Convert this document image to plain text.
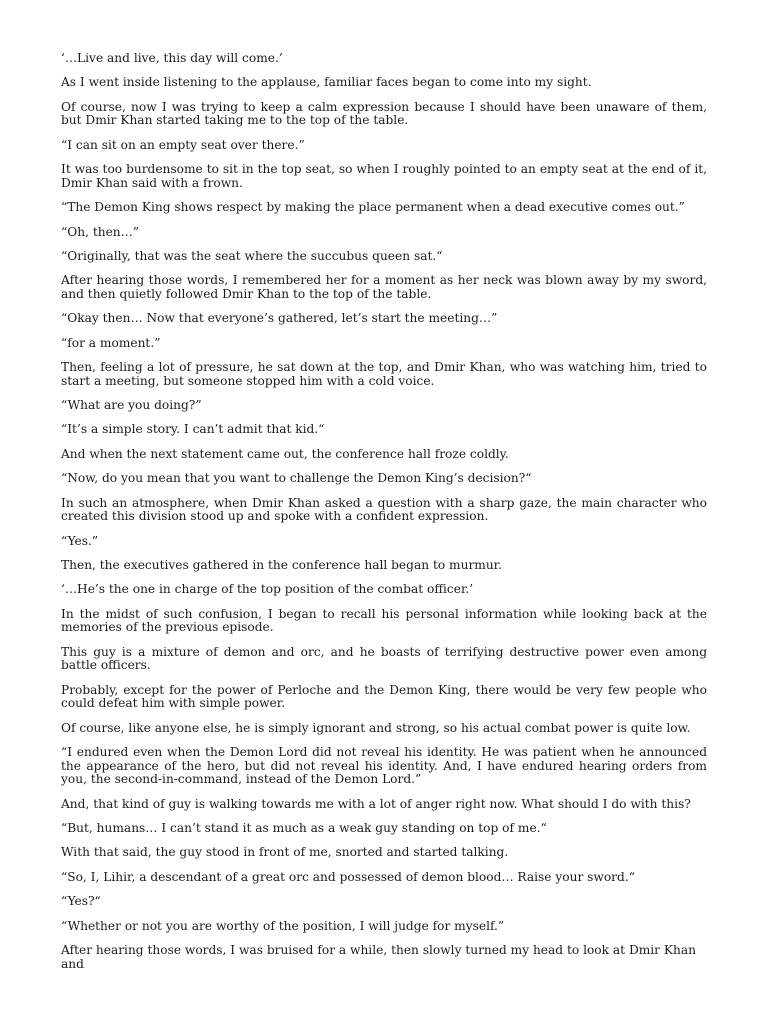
‘…Live and live, this day will come.’

As I went inside listening to the applause, familiar faces began to come into my sight.

Of course, now I was trying to keep a calm expression because I should have been unaware of them, but Dmir Khan started taking me to the top of the table.

“I can sit on an empty seat over there.”

It was too burdensome to sit in the top seat, so when I roughly pointed to an empty seat at the end of it, Dmir Khan said with a frown.

“The Demon King shows respect by making the place permanent when a dead executive comes out.”

“Oh, then…”

“Originally, that was the seat where the succubus queen sat.“

After hearing those words, I remembered her for a moment as her neck was blown away by my sword, and then quietly followed Dmir Khan to the top of the table.

“Okay then… Now that everyone’s gathered, let’s start the meeting…”

“for a moment.”

Then, feeling a lot of pressure, he sat down at the top, and Dmir Khan, who was watching him, tried to start a meeting, but someone stopped him with a cold voice.

“What are you doing?”

“It’s a simple story. I can’t admit that kid.“

And when the next statement came out, the conference hall froze coldly.

“Now, do you mean that you want to challenge the Demon King’s decision?“

In such an atmosphere, when Dmir Khan asked a question with a sharp gaze, the main character who created this division stood up and spoke with a confident expression.

“Yes.”

Then, the executives gathered in the conference hall began to murmur.

‘…He’s the one in charge of the top position of the combat officer.’

In the midst of such confusion, I began to recall his personal information while looking back at the memories of the previous episode.

This guy is a mixture of demon and orc, and he boasts of terrifying destructive power even among battle officers.

Probably, except for the power of Perloche and the Demon King, there would be very few people who could defeat him with simple power.

Of course, like anyone else, he is simply ignorant and strong, so his actual combat power is quite low.

“I endured even when the Demon Lord did not reveal his identity. He was patient when he announced the appearance of the hero, but did not reveal his identity. And, I have endured hearing orders from you, the second-in-command, instead of the Demon Lord.”

And, that kind of guy is walking towards me with a lot of anger right now. What should I do with this?

“But, humans… I can’t stand it as much as a weak guy standing on top of me.“

With that said, the guy stood in front of me, snorted and started talking.

“So, I, Lihir, a descendant of a great orc and possessed of demon blood… Raise your sword.“

“Yes?“

“Whether or not you are worthy of the position, I will judge for myself.”

After hearing those words, I was bruised for a while, then slowly turned my head to look at Dmir Khan and
